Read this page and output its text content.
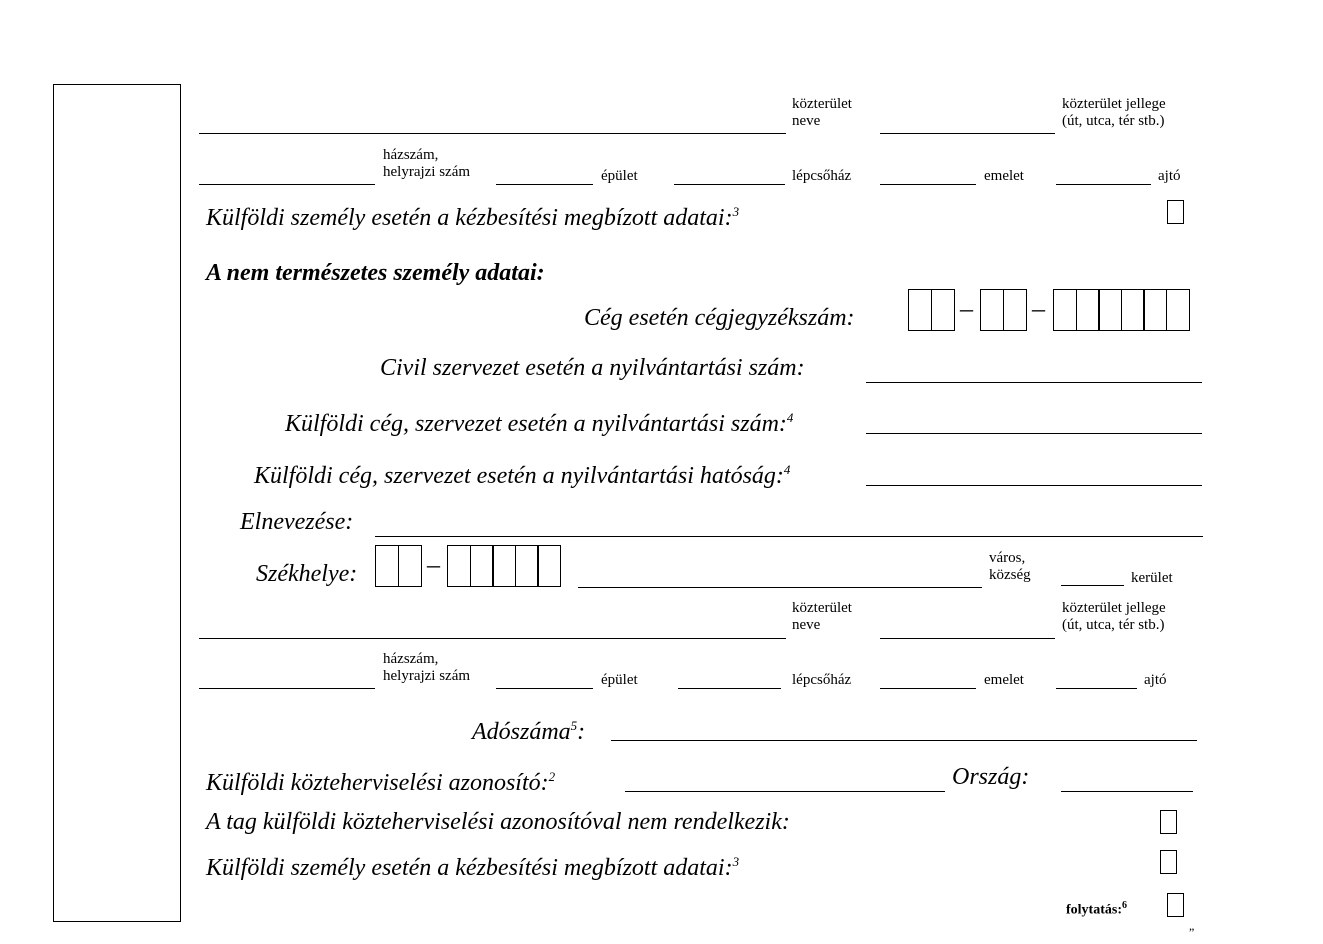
közterület
neve
közterület jellege
(út, utca, tér stb.)
házszám,
helyrajzi szám	épület	lépcsőház	emelet	ajtó
Külföldi személy esetén a kézbesítési megbízott adatai:$^3$
A nem természetes személy adatai:
Cég esetén cégjegyzékszám:	– –
Civil szervezet esetén a nyilvántartási szám:
Külföldi cég, szervezet esetén a nyilvántartási szám:$^4$
Külföldi cég, szervezet esetén a nyilvántartási hatóság:$^4$
Elnevezése:
Székhelye:	–	város,
község	kerület
közterület
neve
közterület jellege
(út, utca, tér stb.)
házszám,
helyrajzi szám	épület	lépcsőház	emelet	ajtó
Adószáma$^5$:
Külföldi közteherviselési azonosító:$^2$	Ország:
A tag külföldi közteherviselési azonosítóval nem rendelkezik:
Külföldi személy esetén a kézbesítési megbízott adatai:$^3$
folytatás:$^6$
”
